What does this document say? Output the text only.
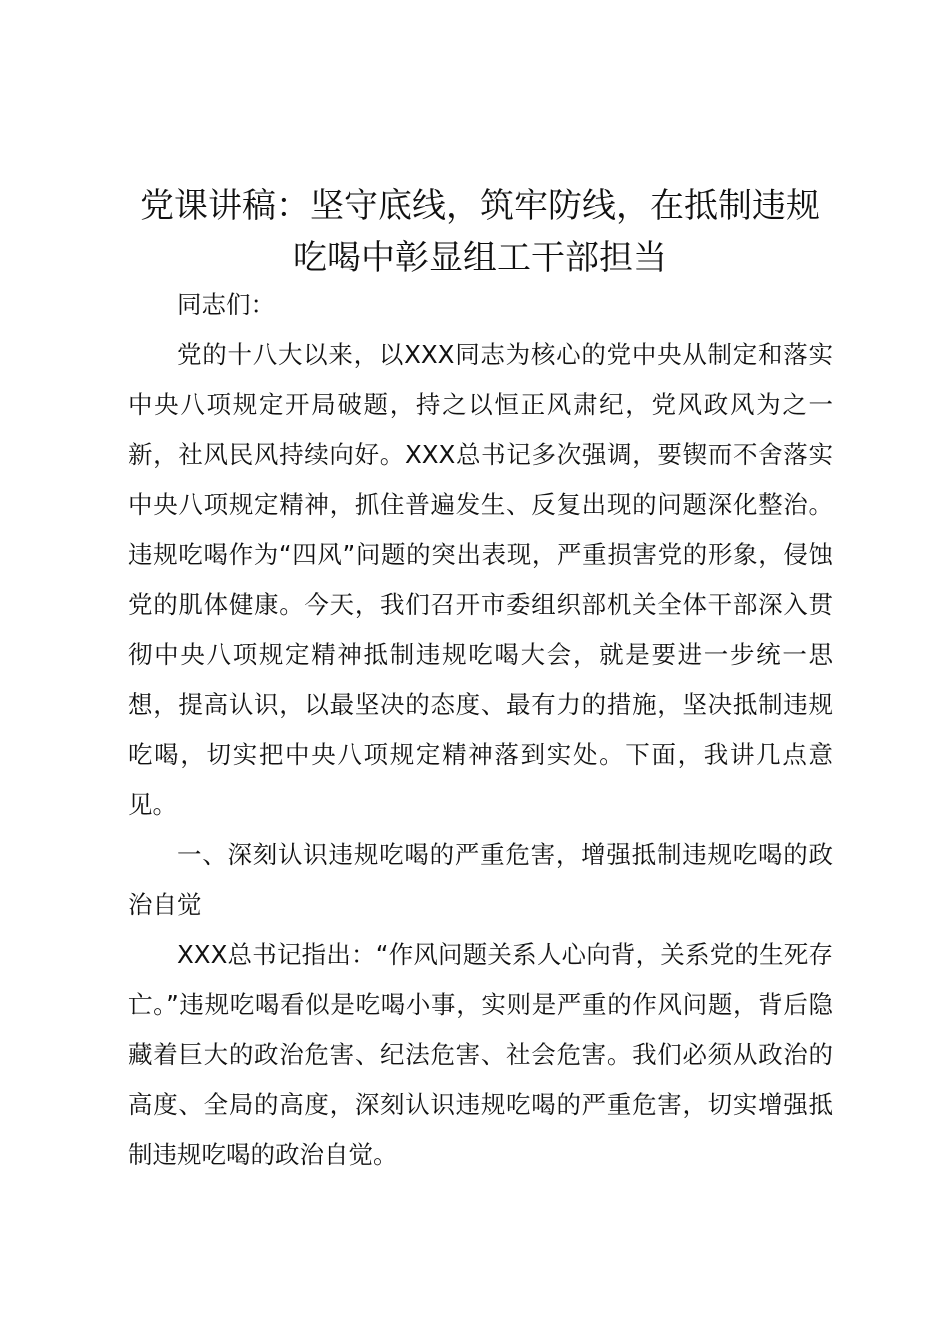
党课讲稿：坚守底线，筑牢防线，在抵制违规
吃喝中彰显组工干部担当

同志们：

党的十八大以来，以XXX同志为核心的党中央从制定和落实中央八项规定开局破题，持之以恒正风肃纪，党风政风为之一新，社风民风持续向好。XXX总书记多次强调，要锲而不舍落实中央八项规定精神，抓住普遍发生、反复出现的问题深化整治。违规吃喝作为“四风”问题的突出表现，严重损害党的形象，侵蚀党的肌体健康。今天，我们召开市委组织部机关全体干部深入贯彻中央八项规定精神抵制违规吃喝大会，就是要进一步统一思想，提高认识，以最坚决的态度、最有力的措施，坚决抵制违规吃喝，切实把中央八项规定精神落到实处。下面，我讲几点意见。

一、深刻认识违规吃喝的严重危害，增强抵制违规吃喝的政治自觉

XXX总书记指出：“作风问题关系人心向背，关系党的生死存亡。”违规吃喝看似是吃喝小事，实则是严重的作风问题，背后隐藏着巨大的政治危害、纪法危害、社会危害。我们必须从政治的高度、全局的高度，深刻认识违规吃喝的严重危害，切实增强抵制违规吃喝的政治自觉。
